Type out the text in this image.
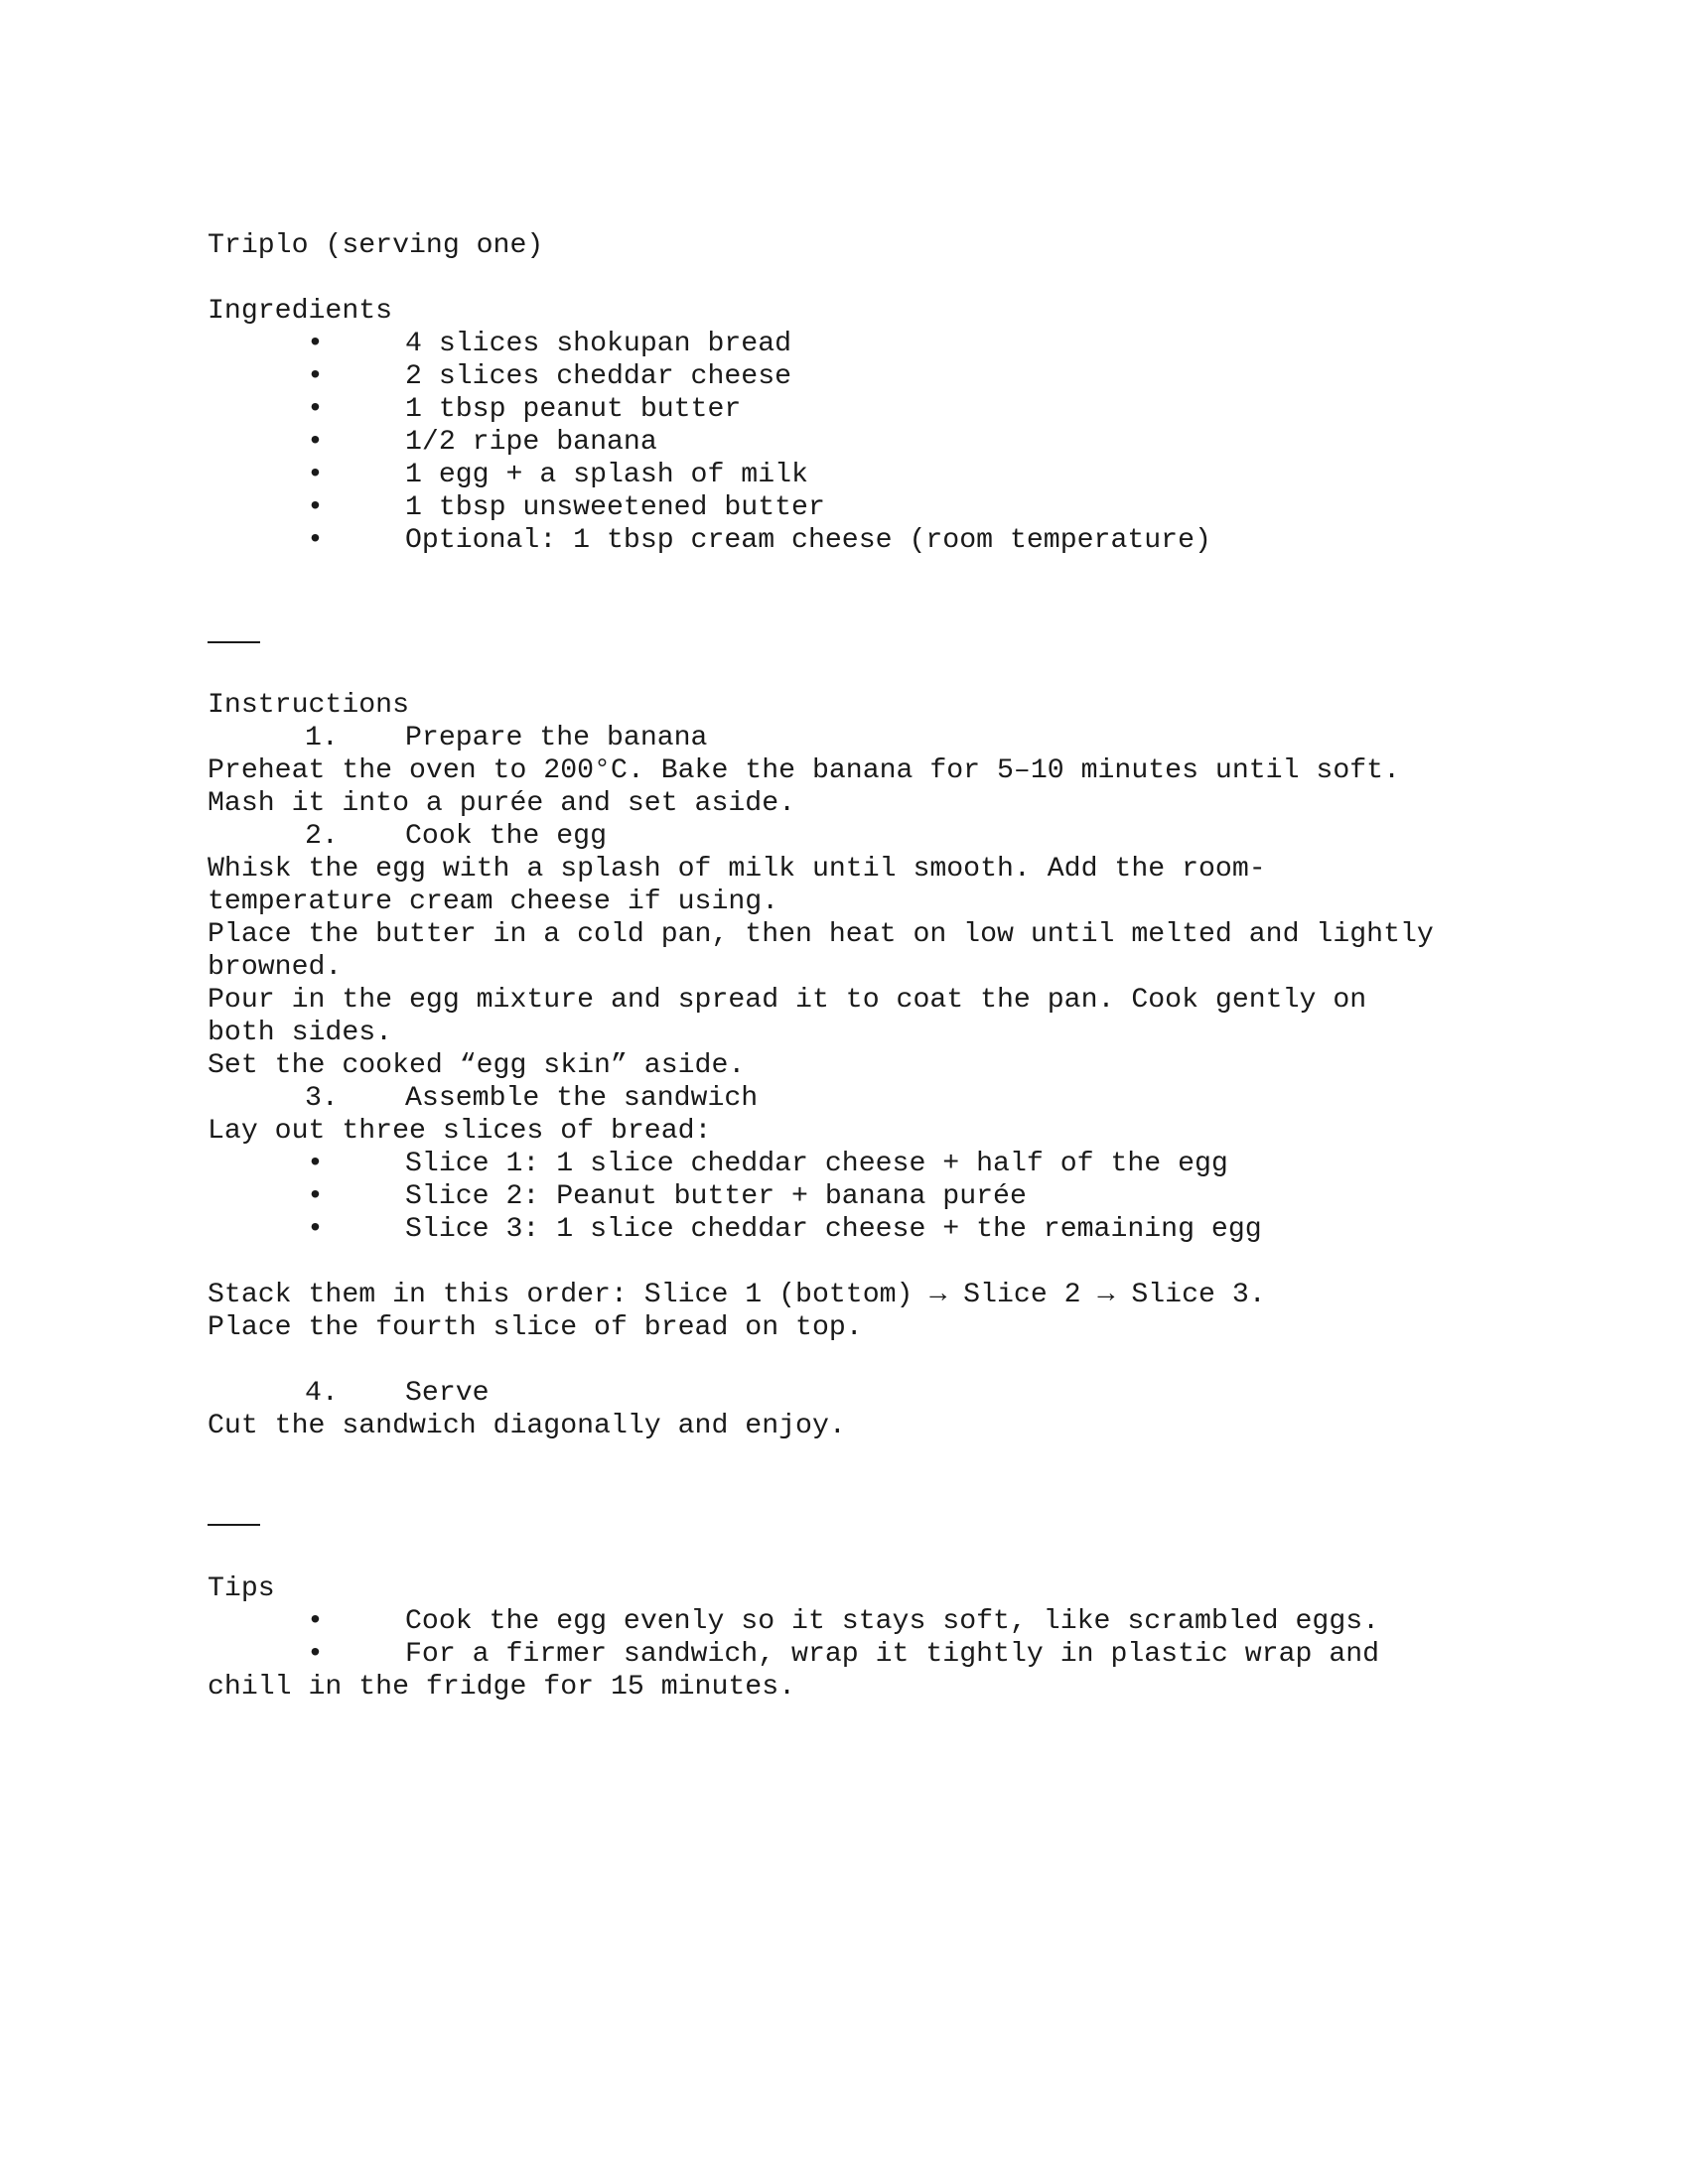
Triplo (serving one)
Ingredients
•	4 slices shokupan bread
•	2 slices cheddar cheese
•	1 tbsp peanut butter
•	1/2 ripe banana
•	1 egg + a splash of milk
•	1 tbsp unsweetened butter
•	Optional: 1 tbsp cream cheese (room temperature)
Instructions
1. Prepare the banana
Preheat the oven to 200°C. Bake the banana for 5–10 minutes until soft.
Mash it into a purée and set aside.
2. Cook the egg
Whisk the egg with a splash of milk until smooth. Add the room-
temperature cream cheese if using.
Place the butter in a cold pan, then heat on low until melted and lightly
browned.
Pour in the egg mixture and spread it to coat the pan. Cook gently on
both sides.
Set the cooked “egg skin” aside.
3. Assemble the sandwich
Lay out three slices of bread:
•	Slice 1: 1 slice cheddar cheese + half of the egg
•	Slice 2: Peanut butter + banana purée
•	Slice 3: 1 slice cheddar cheese + the remaining egg
Stack them in this order: Slice 1 (bottom) → Slice 2 → Slice 3.
Place the fourth slice of bread on top.
4. Serve
Cut the sandwich diagonally and enjoy.
Tips
•	Cook the egg evenly so it stays soft, like scrambled eggs.
•	For a firmer sandwich, wrap it tightly in plastic wrap and
chill in the fridge for 15 minutes.
